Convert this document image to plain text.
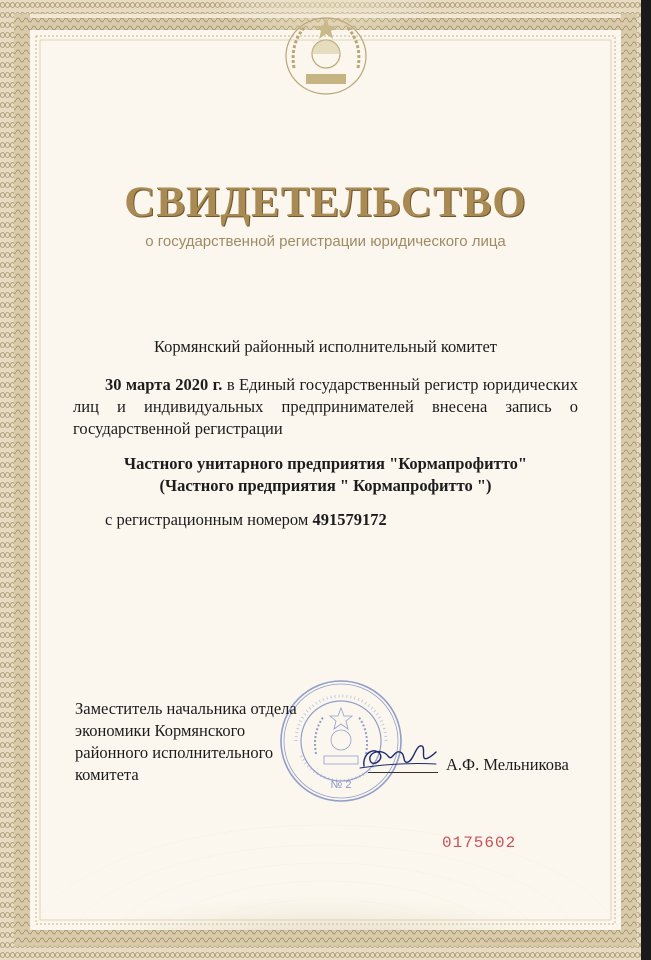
СВИДЕТЕЛЬСТВО
о государственной регистрации юридического лица
Кормянский районный исполнительный комитет
30 марта 2020 г. в Единый государственный регистр юридических лиц и индивидуальных предпринимателей внесена запись о государственной регистрации
Частного унитарного предприятия "Кормапрофитто"
(Частного предприятия " Кормапрофитто ")
с регистрационным номером 491579172
№ 2
Заместитель начальника отдела экономики Кормянского районного исполнительного комитета
А.Ф. Мельникова
0175602
Т.П. Белорусская фабрика бумаги, Зак. 2018 г.
